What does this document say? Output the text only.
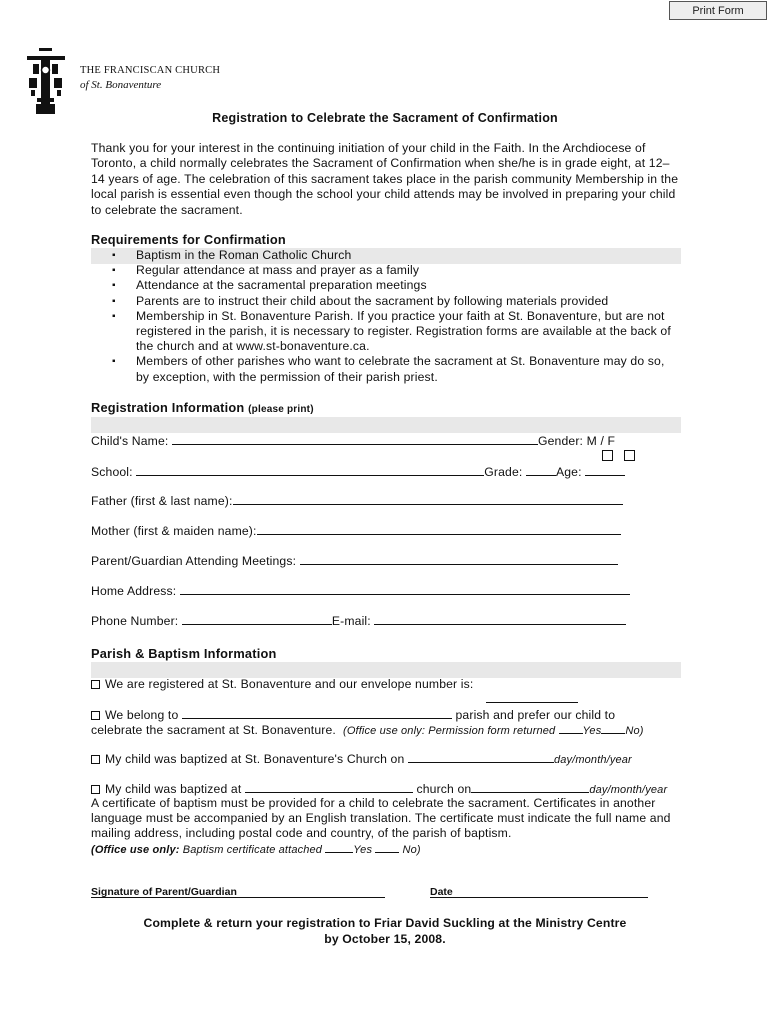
Print Form
THE FRANCISCAN CHURCH
of St. Bonaventure
Registration to Celebrate the Sacrament of Confirmation
Thank you for your interest in the continuing initiation of your child in the Faith. In the Archdiocese of Toronto, a child normally celebrates the Sacrament of Confirmation when she/he is in grade eight, at 12–14 years of age. The celebration of this sacrament takes place in the parish community Membership in the local parish is essential even though the school your child attends may be involved in preparing your child to celebrate the sacrament.
Requirements for Confirmation
▪ Baptism in the Roman Catholic Church
▪ Regular attendance at mass and prayer as a family
▪ Attendance at the sacramental preparation meetings
▪ Parents are to instruct their child about the sacrament by following materials provided
▪ Membership in St. Bonaventure Parish. If you practice your faith at St. Bonaventure, but are not registered in the parish, it is necessary to register. Registration forms are available at the back of the church and at www.st-bonaventure.ca.
▪ Members of other parishes who want to celebrate the sacrament at St. Bonaventure may do so, by exception, with the permission of their parish priest.
Registration Information (please print)
Child's Name:	Gender: M / F
School:	Grade:	Age:
Father (first & last name):
Mother (first & maiden name):
Parent/Guardian Attending Meetings:
Home Address:
Phone Number:	E-mail:
Parish & Baptism Information
We are registered at St. Bonaventure and our envelope number is:
We belong to	parish and prefer our child to
celebrate the sacrament at St. Bonaventure. (Office use only: Permission form returned Yes No)
My child was baptized at St. Bonaventure's Church on	day/month/year
My child was baptized at	church on	day/month/year
A certificate of baptism must be provided for a child to celebrate the sacrament. Certificates in another language must be accompanied by an English translation. The certificate must indicate the full name and mailing address, including postal code and country, of the parish of baptism.
(Office use only: Baptism certificate attached	Yes	No)
Signature of Parent/Guardian	Date
Complete & return your registration to Friar David Suckling at the Ministry Centre
by October 15, 2008.
